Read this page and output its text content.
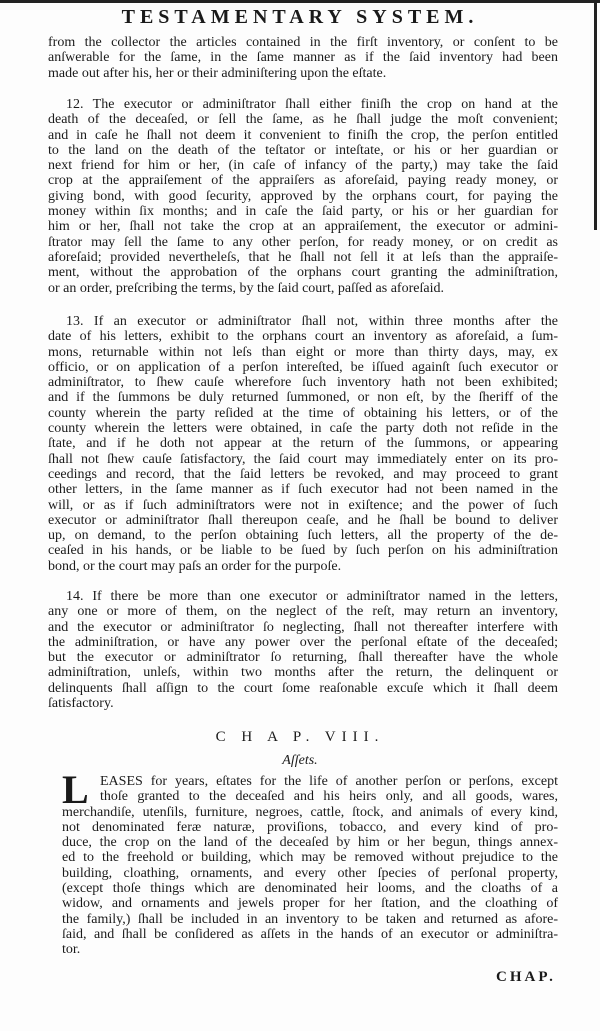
TESTAMENTARY SYSTEM.
from the collector the articles contained in the firſt inventory, or conſent to be
anſwerable for the ſame, in the ſame manner as if the ſaid inventory had been
made out after his, her or their adminiſtering upon the eſtate.
12. The executor or adminiſtrator ſhall either finiſh the crop on hand at the
death of the deceaſed, or ſell the ſame, as he ſhall judge the moſt convenient;
and in caſe he ſhall not deem it convenient to finiſh the crop, the perſon entitled
to the land on the death of the teſtator or inteſtate, or his or her guardian or
next friend for him or her, (in caſe of infancy of the party,) may take the ſaid
crop at the appraiſement of the appraiſers as aforeſaid, paying ready money, or
giving bond, with good ſecurity, approved by the orphans court, for paying the
money within ſix months; and in caſe the ſaid party, or his or her guardian for
him or her, ſhall not take the crop at an appraiſement, the executor or admini-
ſtrator may ſell the ſame to any other perſon, for ready money, or on credit as
aforeſaid; provided nevertheleſs, that he ſhall not ſell it at leſs than the appraiſe-
ment, without the approbation of the orphans court granting the adminiſtration,
or an order, preſcribing the terms, by the ſaid court, paſſed as aforeſaid.
13. If an executor or adminiſtrator ſhall not, within three months after the
date of his letters, exhibit to the orphans court an inventory as aforeſaid, a ſum-
mons, returnable within not leſs than eight or more than thirty days, may, ex
officio, or on application of a perſon intereſted, be iſſued againſt ſuch executor or
adminiſtrator, to ſhew cauſe wherefore ſuch inventory hath not been exhibited;
and if the ſummons be duly returned ſummoned, or non eſt, by the ſheriff of the
county wherein the party reſided at the time of obtaining his letters, or of the
county wherein the letters were obtained, in caſe the party doth not reſide in the
ſtate, and if he doth not appear at the return of the ſummons, or appearing
ſhall not ſhew cauſe ſatisfactory, the ſaid court may immediately enter on its pro-
ceedings and record, that the ſaid letters be revoked, and may proceed to grant
other letters, in the ſame manner as if ſuch executor had not been named in the
will, or as if ſuch adminiſtrators were not in exiſtence; and the power of ſuch
executor or adminiſtrator ſhall thereupon ceaſe, and he ſhall be bound to deliver
up, on demand, to the perſon obtaining ſuch letters, all the property of the de-
ceaſed in his hands, or be liable to be ſued by ſuch perſon on his adminiſtration
bond, or the court may paſs an order for the purpoſe.
14. If there be more than one executor or adminiſtrator named in the letters,
any one or more of them, on the neglect of the reſt, may return an inventory,
and the executor or adminiſtrator ſo neglecting, ſhall not thereafter interfere with
the adminiſtration, or have any power over the perſonal eſtate of the deceaſed;
but the executor or adminiſtrator ſo returning, ſhall thereafter have the whole
adminiſtration, unleſs, within two months after the return, the delinquent or
delinquents ſhall aſſign to the court ſome reaſonable excuſe which it ſhall deem
ſatisfactory.
C H A P. VIII.
Aſſets.
L EASES for years, eſtates for the life of another perſon or perſons, except
thoſe granted to the deceaſed and his heirs only, and all goods, wares,
merchandiſe, utenſils, furniture, negroes, cattle, ſtock, and animals of every kind,
not denominated feræ naturæ, proviſions, tobacco, and every kind of pro-
duce, the crop on the land of the deceaſed by him or her begun, things annex-
ed to the freehold or building, which may be removed without prejudice to the
building, cloathing, ornaments, and every other ſpecies of perſonal property,
(except thoſe things which are denominated heir looms, and the cloaths of a
widow, and ornaments and jewels proper for her ſtation, and the cloathing of
the family,) ſhall be included in an inventory to be taken and returned as afore-
ſaid, and ſhall be conſidered as aſſets in the hands of an executor or adminiſtra-
tor.
CHAP.
